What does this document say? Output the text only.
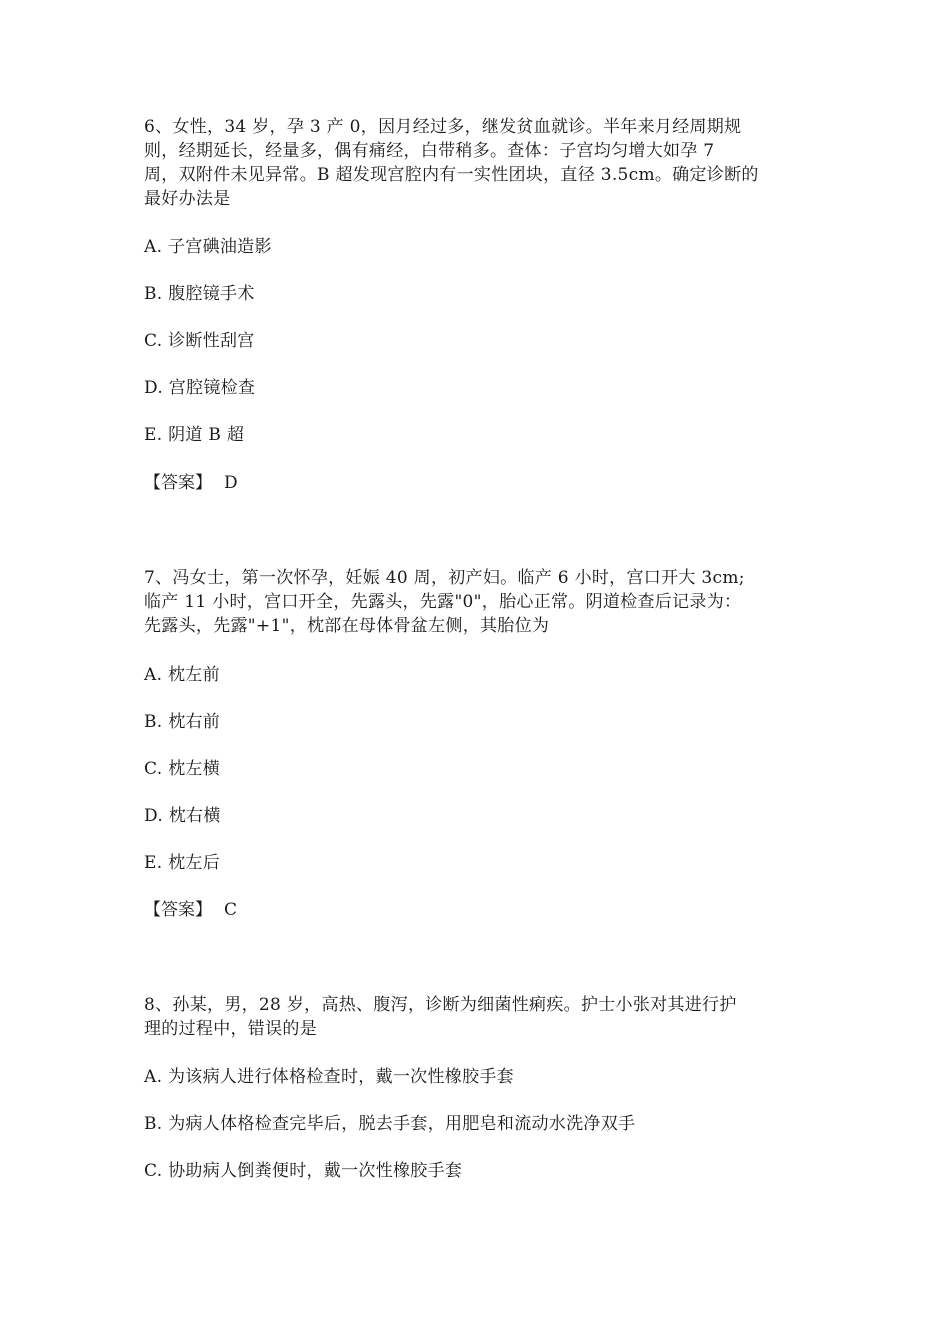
6、女性，34 岁，孕 3 产 0，因月经过多，继发贫血就诊。半年来月经周期规
则，经期延长，经量多，偶有痛经，白带稍多。查体：子宫均匀增大如孕 7
周，双附件未见异常。B 超发现宫腔内有一实性团块，直径 3.5cm。确定诊断的
最好办法是
A. 子宫碘油造影
B. 腹腔镜手术
C. 诊断性刮宫
D. 宫腔镜检查
E. 阴道 B 超
【答案】 D
7、冯女士，第一次怀孕，妊娠 40 周，初产妇。临产 6 小时，宫口开大 3cm;
临产 11 小时，宫口开全，先露头，先露"0"，胎心正常。阴道检查后记录为：
先露头，先露"+1"，枕部在母体骨盆左侧，其胎位为
A. 枕左前
B. 枕右前
C. 枕左横
D. 枕右横
E. 枕左后
【答案】 C
8、孙某，男，28 岁，高热、腹泻，诊断为细菌性痢疾。护士小张对其进行护
理的过程中，错误的是
A. 为该病人进行体格检查时，戴一次性橡胶手套
B. 为病人体格检查完毕后，脱去手套，用肥皂和流动水洗净双手
C. 协助病人倒粪便时，戴一次性橡胶手套
